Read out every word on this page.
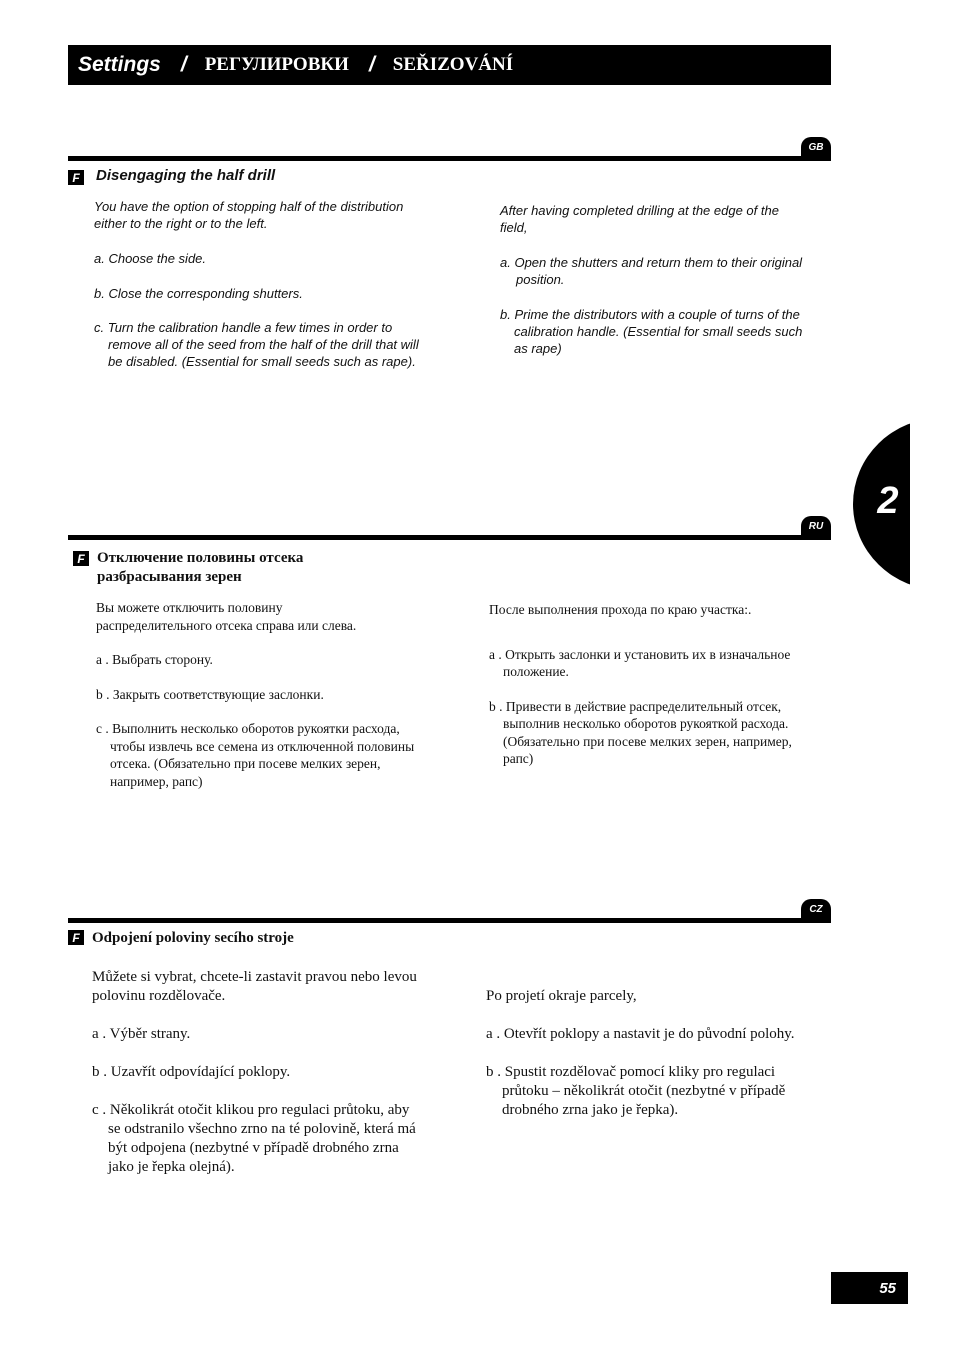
Settings / РЕГУЛИРОВКИ / SEŘIZOVÁNÍ
GB
F Disengaging the half drill

You have the option of stopping half of the distribution either to the right or to the left.

a. Choose the side.

b. Close the corresponding shutters.

c. Turn the calibration handle a few times in order to remove all of the seed from the half of the drill that will be disabled. (Essential for small seeds such as rape).

After having completed drilling at the edge of the field,

a. Open the shutters and return them to their original position.

b. Prime the distributors with a couple of turns of the calibration handle. (Essential for small seeds such as rape)

2
RU
F Отключение половины отсека
разбрасывания зерен

Вы можете отключить половину распределительного отсека справа или слева.

a . Выбрать сторону.

b . Закрыть соответствующие заслонки.

c . Выполнить несколько оборотов рукоятки расхода, чтобы извлечь все семена из отключенной половины отсека. (Обязательно при посеве мелких зерен, например, рапс)

После выполнения прохода по краю участка:.

a . Открыть заслонки и установить их в изначальное положение.

b . Привести в действие распределительный отсек, выполнив несколько оборотов рукояткой расхода. (Обязательно при посеве мелких зерен, например, рапс)

CZ
F Odpojení poloviny secího stroje

Můžete si vybrat, chcete-li zastavit pravou nebo levou polovinu rozdělovače.

a . Výběr strany.

b . Uzavřít odpovídající poklopy.

c . Několikrát otočit klikou pro regulaci průtoku, aby se odstranilo všechno zrno na té polovině, která má být odpojena (nezbytné v případě drobného zrna jako je řepka olejná).

Po projetí okraje parcely,

a . Otevřít poklopy a nastavit je do původní polohy.

b . Spustit rozdělovač pomocí kliky pro regulaci průtoku – několikrát otočit (nezbytné v případě drobného zrna jako je řepka).

55
